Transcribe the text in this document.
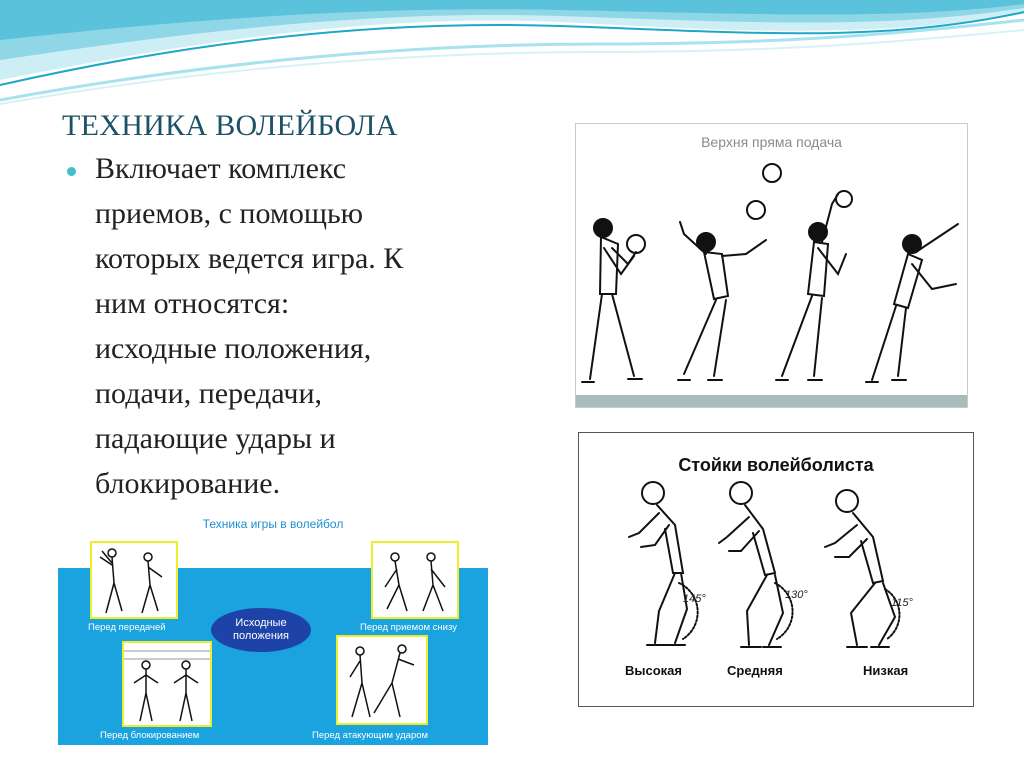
ТЕХНИКА ВОЛЕЙБОЛА
Включает комплекс
приемов, с помощью
которых ведется игра. К
ним относятся:
исходные положения,
подачи, передачи,
падающие удары и
блокирование.
Верхня пряма подача
Стойки волейболиста
145°	130°
115°
Высокая	Средняя	Низкая
Техника игры в волейбол
Перед передачей	Перед приемом снизу
Исходные положения
Перед блокированием	Перед атакующим ударом
